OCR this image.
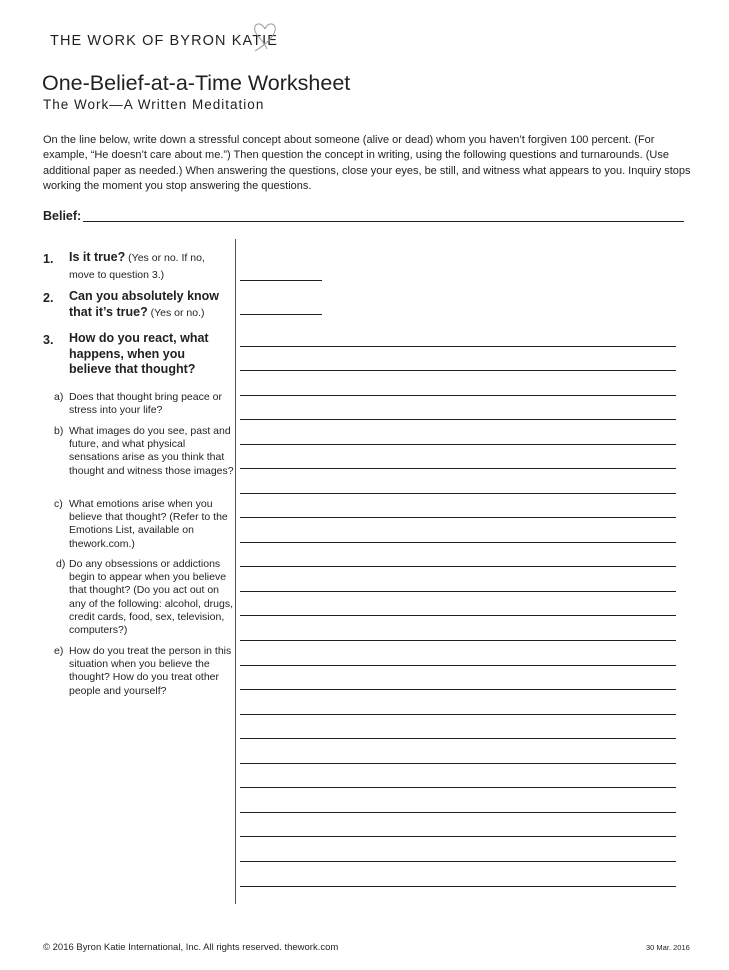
THE WORK OF BYRON KATIE
One-Belief-at-a-Time Worksheet
The Work—A Written Meditation
On the line below, write down a stressful concept about someone (alive or dead) whom you haven’t forgiven 100 percent. (For example, “He doesn’t care about me.”) Then question the concept in writing, using the following questions and turnarounds. (Use additional paper as needed.) When answering the questions, close your eyes, be still, and witness what appears to you. Inquiry stops working the moment you stop answering the questions.
Belief:
1. Is it true? (Yes or no. If no, move to question 3.)
2. Can you absolutely know that it’s true? (Yes or no.)
3. How do you react, what happens, when you believe that thought?
a) Does that thought bring peace or stress into your life?
b) What images do you see, past and future, and what physical sensations arise as you think that thought and witness those images?
c) What emotions arise when you believe that thought? (Refer to the Emotions List, available on thework.com.)
d) Do any obsessions or addictions begin to appear when you believe that thought? (Do you act out on any of the following: alcohol, drugs, credit cards, food, sex, television, computers?)
e) How do you treat the person in this situation when you believe the thought? How do you treat other people and yourself?
© 2016 Byron Katie International, Inc. All rights reserved. thework.com	30 Mar. 2016
